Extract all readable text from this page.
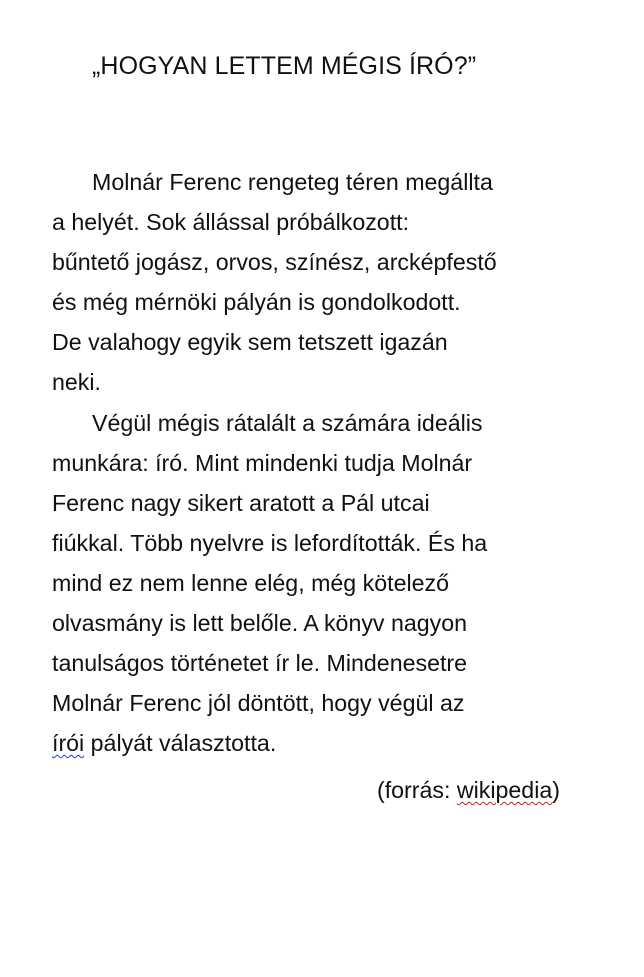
„HOGYAN LETTEM MÉGIS ÍRÓ?”
Molnár Ferenc rengeteg téren megállta
a helyét. Sok állással próbálkozott:
bűntető jogász, orvos, színész, arcképfestő
és még mérnöki pályán is gondolkodott.
De valahogy egyik sem tetszett igazán
neki.
Végül mégis rátalált a számára ideális
munkára: író. Mint mindenki tudja Molnár
Ferenc nagy sikert aratott a Pál utcai
fiúkkal. Több nyelvre is lefordították. És ha
mind ez nem lenne elég, még kötelező
olvasmány is lett belőle. A könyv nagyon
tanulságos történetet ír le. Mindenesetre
Molnár Ferenc jól döntött, hogy végül az
írói pályát választotta.
(forrás: wikipedia)
